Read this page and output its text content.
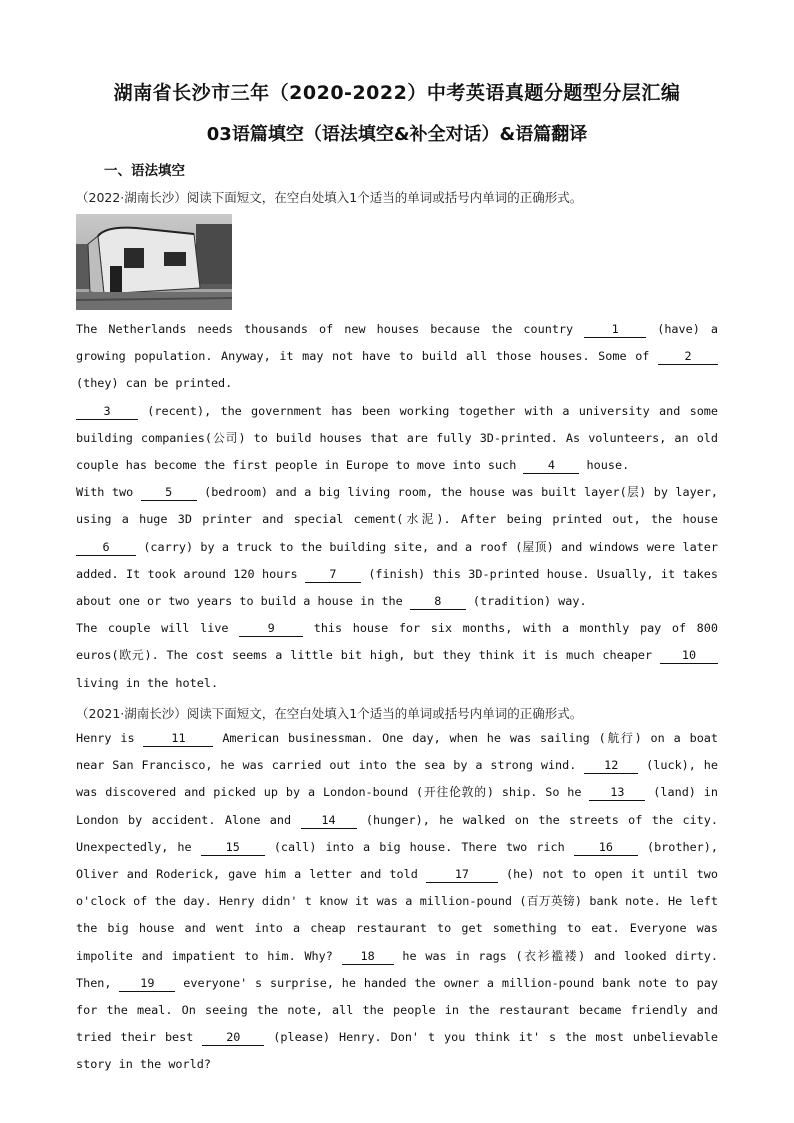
湖南省长沙市三年（2020-2022）中考英语真题分题型分层汇编
03语篇填空（语法填空&补全对话）&语篇翻译
一、语法填空
（2022·湖南长沙）阅读下面短文，在空白处填入1个适当的单词或括号内单词的正确形式。

The Netherlands needs thousands of new houses because the country 1 (have) a growing population. Anyway, it may not have to build all those houses. Some of 2 (they) can be printed.

3 (recent), the government has been working together with a university and some building companies(公司) to build houses that are fully 3D-printed. As volunteers, an old couple has become the first people in Europe to move into such 4 house.

With two 5 (bedroom) and a big living room, the house was built layer(层) by layer, using a huge 3D printer and special cement(水泥). After being printed out, the house 6 (carry) by a truck to the building site, and a roof (屋顶) and windows were later added. It took around 120 hours 7 (finish) this 3D-printed house. Usually, it takes about one or two years to build a house in the 8 (tradition) way.

The couple will live 9 this house for six months, with a monthly pay of 800 euros(欧元). The cost seems a little bit high, but they think it is much cheaper 10 living in the hotel.

（2021·湖南长沙）阅读下面短文，在空白处填入1个适当的单词或括号内单词的正确形式。

Henry is 11 American businessman. One day, when he was sailing (航行) on a boat near San Francisco, he was carried out into the sea by a strong wind. 12 (luck), he was discovered and picked up by a London-bound (开往伦敦的) ship. So he 13 (land) in London by accident. Alone and 14 (hunger), he walked on the streets of the city. Unexpectedly, he 15 (call) into a big house. There two rich 16 (brother), Oliver and Roderick, gave him a letter and told 17 (he) not to open it until two o'clock of the day. Henry didn' t know it was a million-pound (百万英镑) bank note. He left the big house and went into a cheap restaurant to get something to eat. Everyone was impolite and impatient to him. Why? 18 he was in rags (衣衫褴褛) and looked dirty. Then, 19 everyone' s surprise, he handed the owner a million-pound bank note to pay for the meal. On seeing the note, all the people in the restaurant became friendly and tried their best 20 (please) Henry. Don' t you think it' s the most unbelievable story in the world?
